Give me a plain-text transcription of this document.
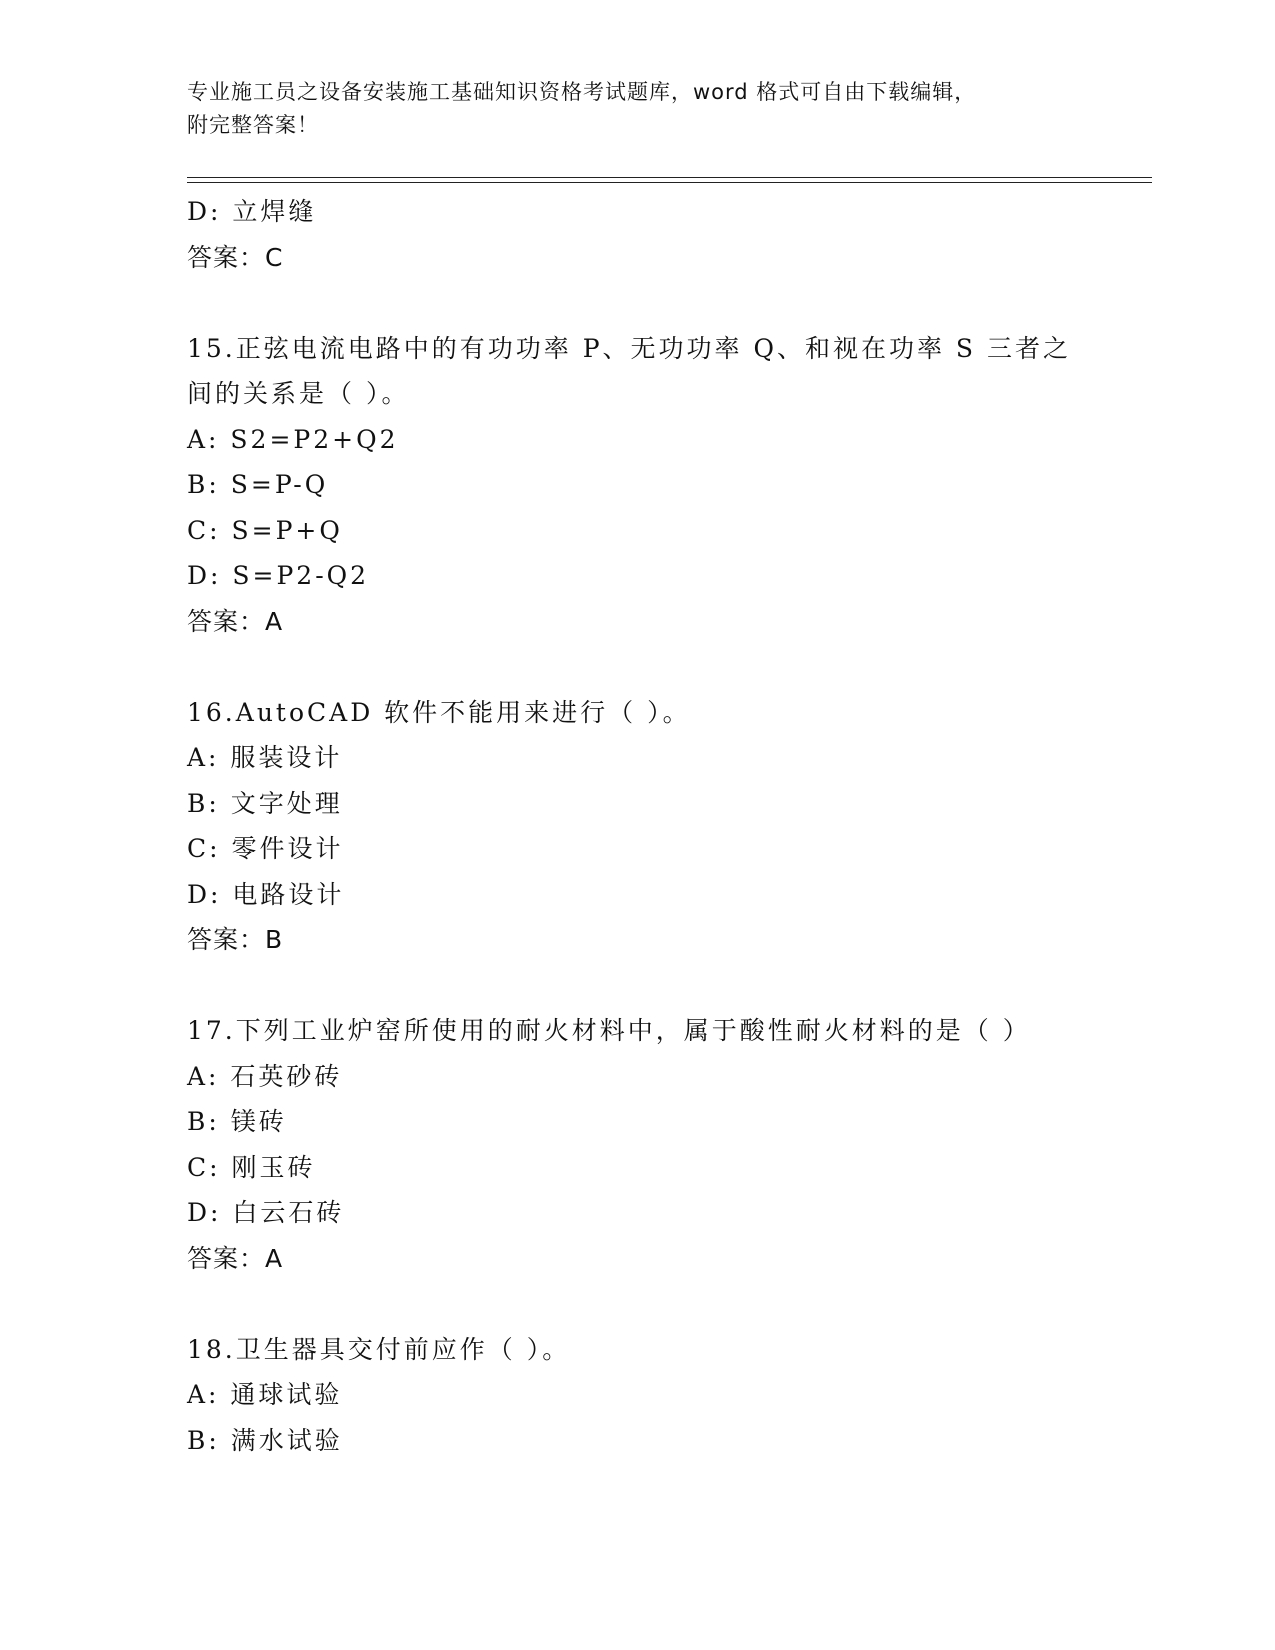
专业施工员之设备安装施工基础知识资格考试题库，word 格式可自由下载编辑，
附完整答案！
D: 立焊缝
答案：C
15.正弦电流电路中的有功功率 P、无功功率 Q、和视在功率 S 三者之
间的关系是（ ）。
A: S2=P2+Q2
B: S=P-Q
C: S=P+Q
D: S=P2-Q2
答案：A
16.AutoCAD 软件不能用来进行（ ）。
A: 服装设计
B: 文字处理
C: 零件设计
D: 电路设计
答案：B
17.下列工业炉窑所使用的耐火材料中，属于酸性耐火材料的是（ ）
A: 石英砂砖
B: 镁砖
C: 刚玉砖
D: 白云石砖
答案：A
18.卫生器具交付前应作（ ）。
A: 通球试验
B: 满水试验
